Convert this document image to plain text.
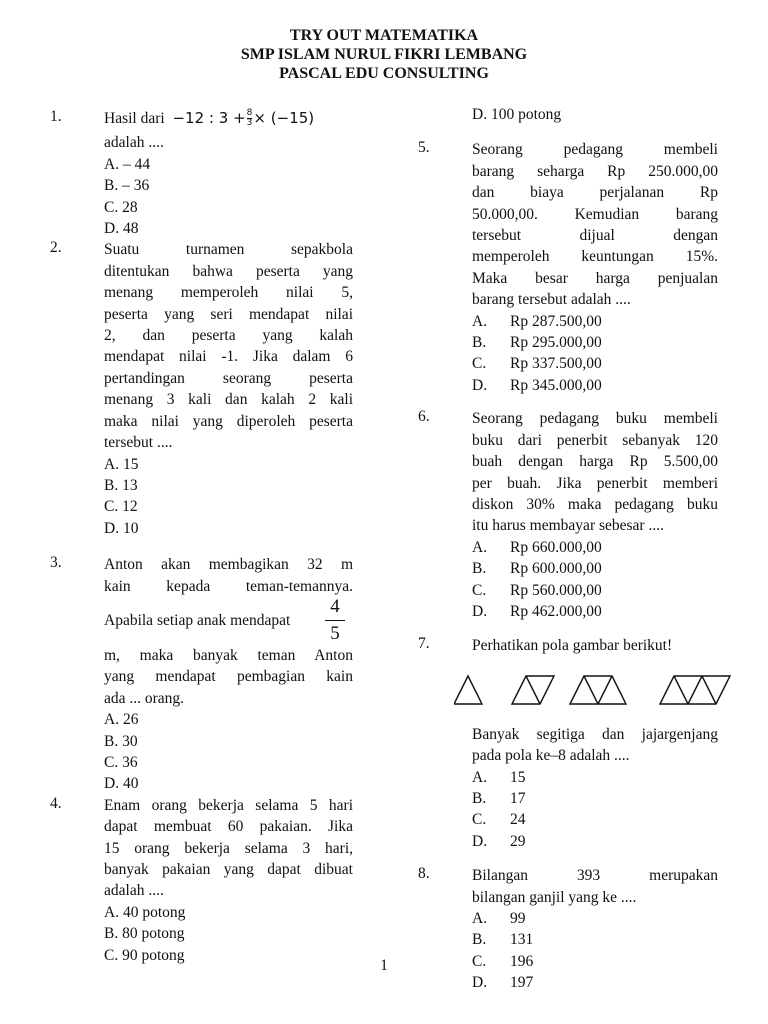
TRY OUT MATEMATIKA
SMP ISLAM NURUL FIKRI LEMBANG
PASCAL EDU CONSULTING
1.	Hasil dari −12 : $3 + \frac{8}{3} \times (-15)$
adalah ....
A. – 44
B. – 36
C. 28
D. 48
2.	Suatu turnamen sepakbola
ditentukan bahwa peserta yang
menang memperoleh nilai 5,
peserta yang seri mendapat nilai
2, dan peserta yang kalah
mendapat nilai -1. Jika dalam 6
pertandingan seorang peserta
menang 3 kali dan kalah 2 kali
maka nilai yang diperoleh peserta
tersebut ....
A. 15
B. 13
C. 12
D. 10
3.	Anton akan membagikan 32 m
kain kepada teman-temannya.
Apabila setiap anak mendapat
4
5
m, maka banyak teman Anton
yang mendapat pembagian kain
ada ... orang.
A. 26
B. 30
C. 36
D. 40
4.	Enam orang bekerja selama 5 hari
dapat membuat 60 pakaian. Jika
15 orang bekerja selama 3 hari,
banyak pakaian yang dapat dibuat
adalah ....
A. 40 potong
B. 80 potong
C. 90 potong
D. 100 potong
5.	Seorang pedagang membeli
barang seharga Rp 250.000,00
dan biaya perjalanan Rp
50.000,00. Kemudian barang
tersebut dijual dengan
memperoleh keuntungan 15%.
Maka besar harga penjualan
barang tersebut adalah ....
A. Rp 287.500,00
B. Rp 295.000,00
C. Rp 337.500,00
D. Rp 345.000,00
6.	Seorang pedagang buku membeli
buku dari penerbit sebanyak 120
buah dengan harga Rp 5.500,00
per buah. Jika penerbit memberi
diskon 30% maka pedagang buku
itu harus membayar sebesar ....
A. Rp 660.000,00
B. Rp 600.000,00
C. Rp 560.000,00
D. Rp 462.000,00
7.	Perhatikan pola gambar berikut!
Banyak segitiga dan jajargenjang
pada pola ke–8 adalah ....
A. 15
B. 17
C. 24
D. 29
8.	Bilangan 393 merupakan
bilangan ganjil yang ke ....
A. 99
B. 131
C. 196
D. 197
1
